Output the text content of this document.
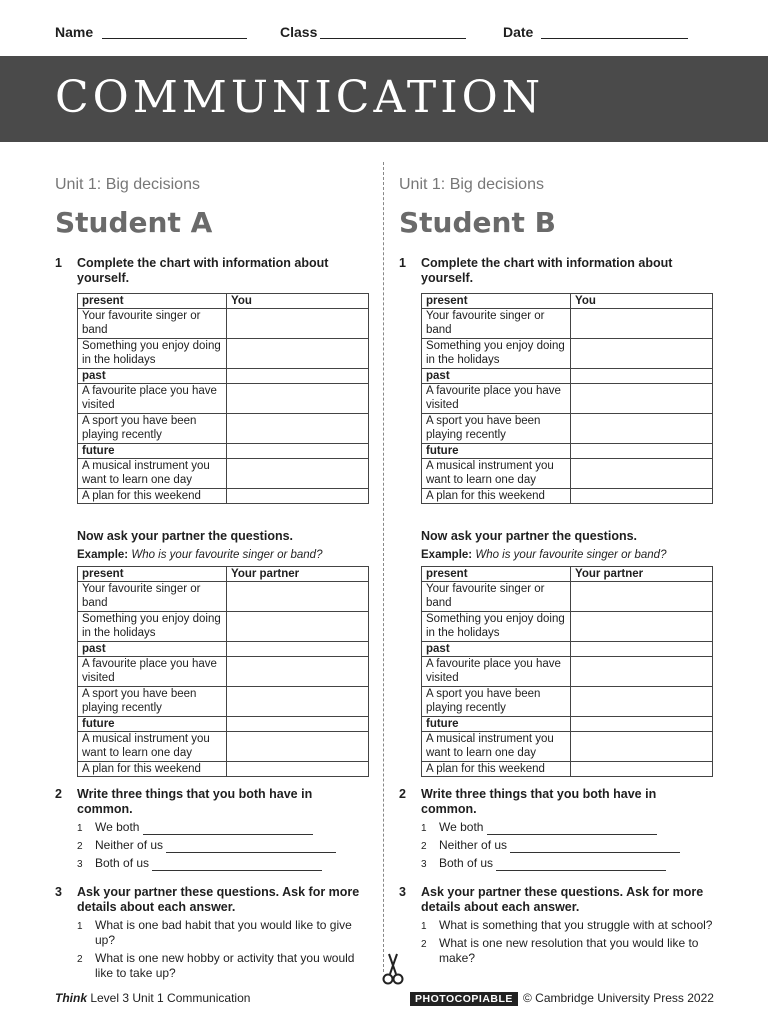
Name	Class	Date
COMMUNICATION
Unit 1: Big decisions
Student A
1 Complete the chart with information about yourself.
present	You
Your favourite singer or band	
Something you enjoy doing in the holidays	
past	
A favourite place you have visited	
A sport you have been playing recently	
future	
A musical instrument you want to learn one day	
A plan for this weekend	
Now ask your partner the questions.
Example: Who is your favourite singer or band?
present	Your partner
Your favourite singer or band	
Something you enjoy doing in the holidays	
past	
A favourite place you have visited	
A sport you have been playing recently	
future	
A musical instrument you want to learn one day	
A plan for this weekend	
2 Write three things that you both have in common.
1 We both
2 Neither of us
3 Both of us
3 Ask your partner these questions. Ask for more details about each answer.
1 What is one bad habit that you would like to give up?
2 What is one new hobby or activity that you would like to take up?
Unit 1: Big decisions
Student B
1 Complete the chart with information about yourself.
present	You
Your favourite singer or band	
Something you enjoy doing in the holidays	
past	
A favourite place you have visited	
A sport you have been playing recently	
future	
A musical instrument you want to learn one day	
A plan for this weekend	
Now ask your partner the questions.
Example: Who is your favourite singer or band?
present	Your partner
Your favourite singer or band	
Something you enjoy doing in the holidays	
past	
A favourite place you have visited	
A sport you have been playing recently	
future	
A musical instrument you want to learn one day	
A plan for this weekend	
2 Write three things that you both have in common.
1 We both
2 Neither of us
3 Both of us
3 Ask your partner these questions. Ask for more details about each answer.
1 What is something that you struggle with at school?
2 What is one new resolution that you would like to make?
Think Level 3 Unit 1 Communication	PHOTOCOPIABLE © Cambridge University Press 2022
